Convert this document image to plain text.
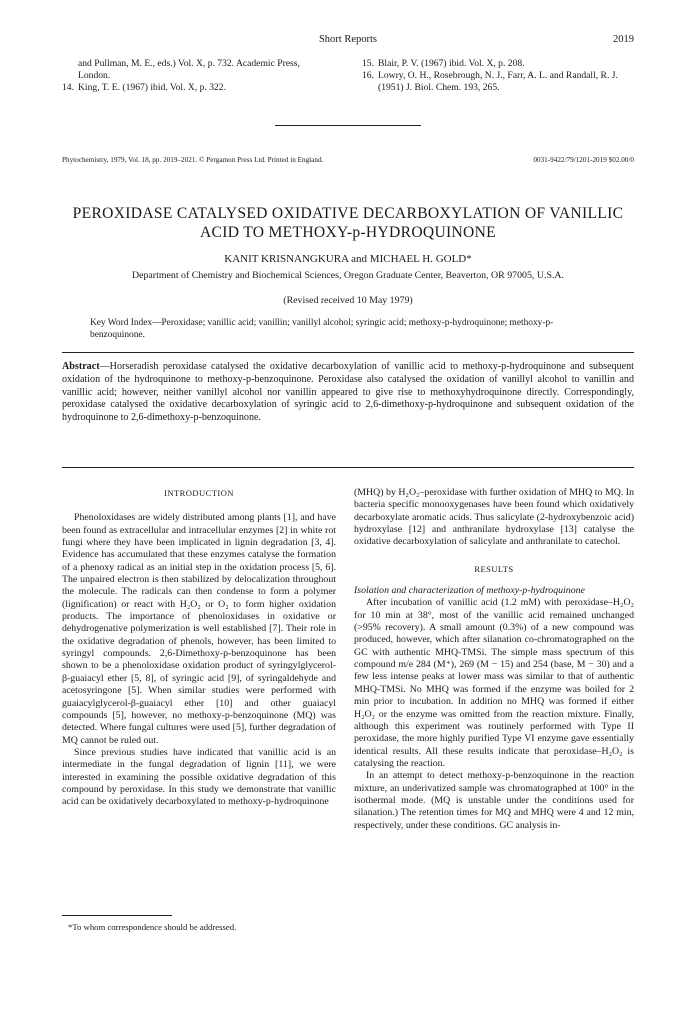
Short Reports	2019
and Pullman, M. E., eds.) Vol. X, p. 732. Academic Press, London.
14. King, T. E. (1967) ibid. Vol. X, p. 322.
15. Blair, P. V. (1967) ibid. Vol. X, p. 208.
16. Lowry, O. H., Rosebrough, N. J., Farr, A. L. and Randall, R. J. (1951) J. Biol. Chem. 193, 265.
Phytochemistry, 1979, Vol. 18, pp. 2019–2021. © Pergamon Press Ltd. Printed in England.	0031-9422/79/1201-2019 $02.00/0
PEROXIDASE CATALYSED OXIDATIVE DECARBOXYLATION OF VANILLIC ACID TO METHOXY-p-HYDROQUINONE
KANIT KRISNANGKURA and MICHAEL H. GOLD*
Department of Chemistry and Biochemical Sciences, Oregon Graduate Center, Beaverton, OR 97005, U.S.A.
(Revised received 10 May 1979)
Key Word Index—Peroxidase; vanillic acid; vanillin; vanillyl alcohol; syringic acid; methoxy-p-hydroquinone; methoxy-p-benzoquinone.
Abstract—Horseradish peroxidase catalysed the oxidative decarboxylation of vanillic acid to methoxy-p-hydroquinone and subsequent oxidation of the hydroquinone to methoxy-p-benzoquinone. Peroxidase also catalysed the oxidation of vanillyl alcohol to vanillin and vanillic acid; however, neither vanillyl alcohol nor vanillin appeared to give rise to methoxyhydroquinone directly. Correspondingly, peroxidase catalysed the oxidative decarboxylation of syringic acid to 2,6-dimethoxy-p-hydroquinone and subsequent oxidation of the hydroquinone to 2,6-dimethoxy-p-benzoquinone.
INTRODUCTION

Phenoloxidases are widely distributed among plants [1], and have been found as extracellular and intracellular enzymes [2] in white rot fungi where they have been implicated in lignin degradation [3, 4]. Evidence has accumulated that these enzymes catalyse the formation of a phenoxy radical as an initial step in the oxidation process [5, 6]. The unpaired electron is then stabilized by delocalization throughout the molecule. The radicals can then condense to form a polymer (lignification) or react with H₂O₂ or O₂ to form higher oxidation products. The importance of phenoloxidases in oxidative or dehydrogenative polymerization is well established [7]. Their role in the oxidative degradation of phenols, however, has been limited to syringyl compounds. 2,6-Dimethoxy-p-benzoquinone has been shown to be a phenoloxidase oxidation product of syringylglycerol-β-guaiacyl ether [5, 8], of syringic acid [9], of syringaldehyde and acetosyringone [5]. When similar studies were performed with guaiacylglycerol-β-guaiacyl ether [10] and other guaiacyl compounds [5], however, no methoxy-p-benzoquinone (MQ) was detected. Where fungal cultures were used [5], further degradation of MQ cannot be ruled out.

Since previous studies have indicated that vanillic acid is an intermediate in the fungal degradation of lignin [11], we were interested in examining the possible oxidative degradation of this compound by peroxidase. In this study we demonstrate that vanillic acid can be oxidatively decarboxylated to methoxy-p-hydroquinone

(MHQ) by H₂O₂–peroxidase with further oxidation of MHQ to MQ. In bacteria specific monooxygenases have been found which oxidatively decarboxylate aromatic acids. Thus salicylate (2-hydroxybenzoic acid) hydroxylase [12] and anthranilate hydroxylase [13] catalyse the oxidative decarboxylation of salicylate and anthranilate to catechol.

RESULTS
Isolation and characterization of methoxy-p-hydroquinone

After incubation of vanillic acid (1.2 mM) with peroxidase–H₂O₂ for 10 min at 38°, most of the vanillic acid remained unchanged (>95% recovery). A small amount (0.3%) of a new compound was produced, however, which after silanation co-chromatographed on the GC with authentic MHQ-TMSi. The simple mass spectrum of this compound m/e 284 (M⁺), 269 (M − 15) and 254 (base, M − 30) and a few less intense peaks at lower mass was similar to that of authentic MHQ-TMSi. No MHQ was formed if the enzyme was boiled for 2 min prior to incubation. In addition no MHQ was formed if either H₂O₂ or the enzyme was omitted from the reaction mixture. Finally, although this experiment was routinely performed with Type II peroxidase, the more highly purified Type VI enzyme gave essentially identical results. All these results indicate that peroxidase–H₂O₂ is catalysing the reaction.

In an attempt to detect methoxy-p-benzoquinone in the reaction mixture, an underivatized sample was chromatographed at 100° in the isothermal mode. (MQ is unstable under the conditions used for silanation.) The retention times for MQ and MHQ were 4 and 12 min, respectively, under these conditions. GC analysis in-

*To whom correspondence should be addressed.
